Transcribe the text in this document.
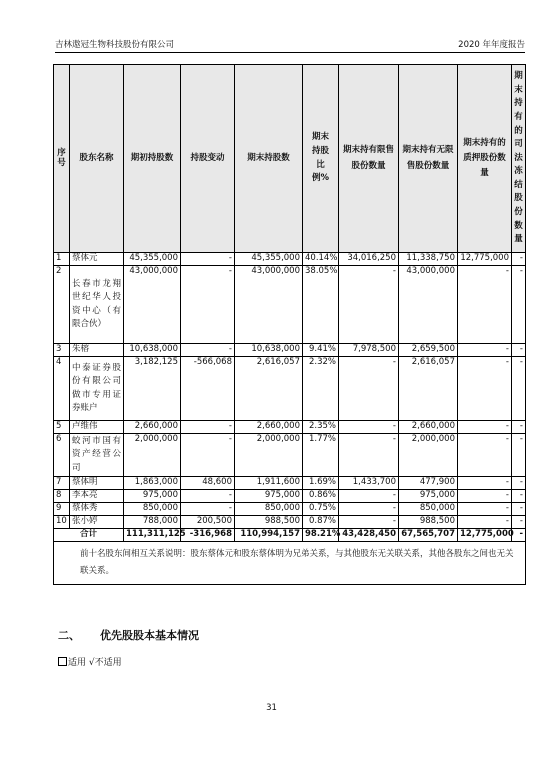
吉林遨冠生物科技股份有限公司	2020 年年度报告
序号	股东名称	期初持股数	持股变动	期末持股数	期末持股比例%	期末持有限售股份数量	期末持有无限售股份数量	期末持有的质押股份数量	期末持有的司法冻结股份数量
1	蔡体元	45,355,000	-	45,355,000	40.14%	34,016,250	11,338,750	12,775,000	-
2	长春市龙翔世纪华人投资中心（有限合伙）	43,000,000	-	43,000,000	38.05%	-	43,000,000	-	-
3	朱榕	10,638,000	-	10,638,000	9.41%	7,978,500	2,659,500	-	-
4	中泰证券股份有限公司做市专用证券账户	3,182,125	-566,068	2,616,057	2.32%	-	2,616,057	-	-
5	卢维伟	2,660,000	-	2,660,000	2.35%	-	2,660,000	-	-
6	蛟河市国有资产经营公司	2,000,000	-	2,000,000	1.77%	-	2,000,000	-	-
7	蔡体明	1,863,000	48,600	1,911,600	1.69%	1,433,700	477,900	-	-
8	李本亮	975,000	-	975,000	0.86%	-	975,000	-	-
9	蔡体秀	850,000	-	850,000	0.75%	-	850,000	-	-
10	张小婷	788,000	200,500	988,500	0.87%	-	988,500	-	-
合计		111,311,125	-316,968	110,994,157	98.21%	43,428,450	67,565,707	12,775,000	-
前十名股东间相互关系说明：股东蔡体元和股东蔡体明为兄弟关系，与其他股东无关联关系，其他各股东之间也无关联关系。									
二、 优先股股本基本情况
适用 √不适用
31
